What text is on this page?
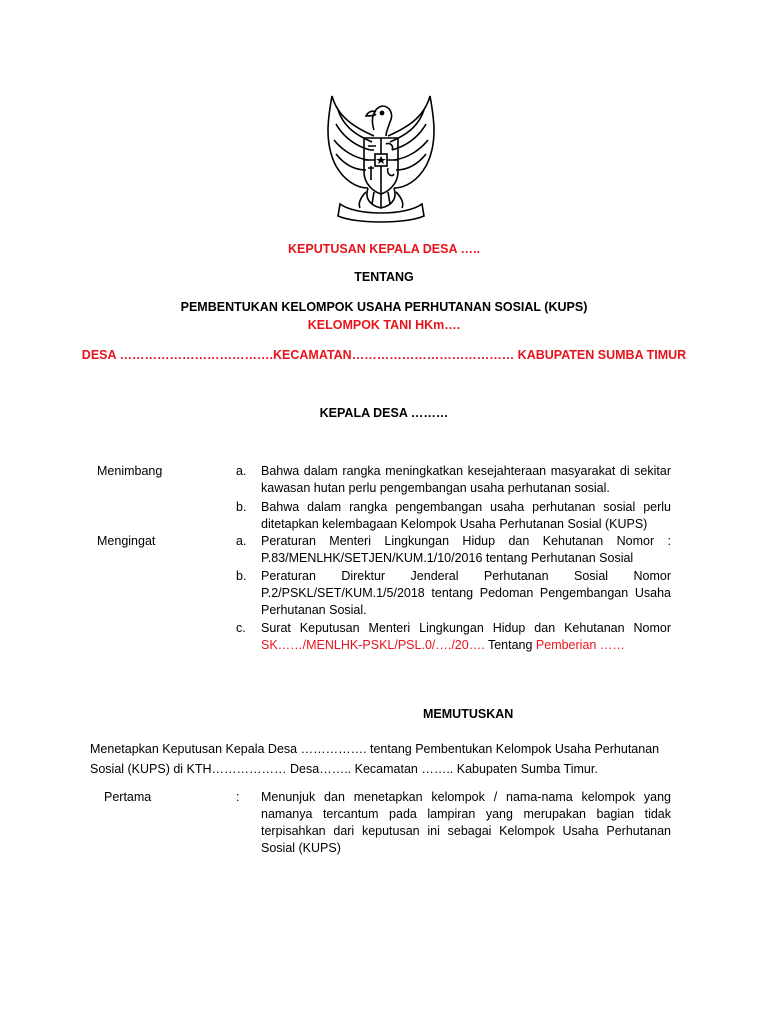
KEPUTUSAN KEPALA DESA …..
TENTANG
PEMBENTUKAN KELOMPOK USAHA PERHUTANAN SOSIAL (KUPS)
KELOMPOK TANI HKm….
DESA ……………………………….KECAMATAN………………………………… KABUPATEN SUMBA TIMUR
KEPALA DESA ………
Menimbang	a. Bahwa dalam rangka meningkatkan kesejahteraan masyarakat di sekitar kawasan hutan perlu pengembangan usaha perhutanan sosial.
b. Bahwa dalam rangka pengembangan usaha perhutanan sosial perlu ditetapkan kelembagaan Kelompok Usaha Perhutanan Sosial (KUPS)
Mengingat	a. Peraturan Menteri Lingkungan Hidup dan Kehutanan Nomor : P.83/MENLHK/SETJEN/KUM.1/10/2016 tentang Perhutanan Sosial
b. Peraturan Direktur Jenderal Perhutanan Sosial Nomor P.2/PSKL/SET/KUM.1/5/2018 tentang Pedoman Pengembangan Usaha Perhutanan Sosial.
c. Surat Keputusan Menteri Lingkungan Hidup dan Kehutanan Nomor SK……/MENLHK-PSKL/PSL.0/…./20…. Tentang Pemberian ……
MEMUTUSKAN
Menetapkan Keputusan Kepala Desa ……………. tentang Pembentukan Kelompok Usaha Perhutanan Sosial (KUPS) di KTH……………… Desa…….. Kecamatan …….. Kabupaten Sumba Timur.
Pertama	: Menunjuk dan menetapkan kelompok / nama-nama kelompok yang namanya tercantum pada lampiran yang merupakan bagian tidak terpisahkan dari keputusan ini sebagai Kelompok Usaha Perhutanan Sosial (KUPS)
